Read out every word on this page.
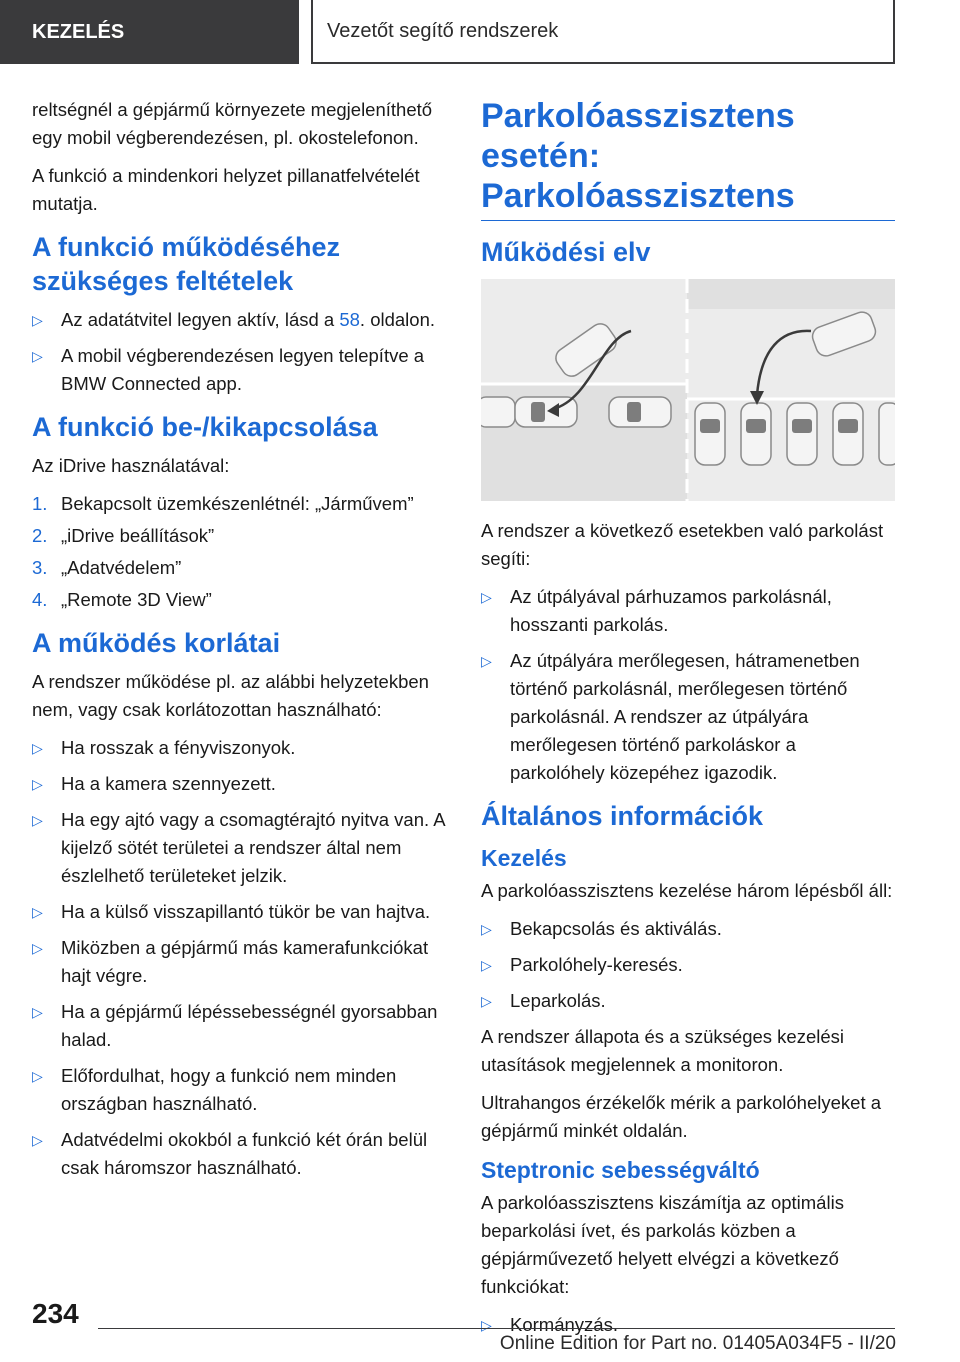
KEZELÉS	Vezetőt segítő rendszerek

reltségnél a gépjármű környezete megjeleníthető egy mobil végberendezésen, pl. okostelefonon.

A funkció a mindenkori helyzet pillanatfelvételét mutatja.

A funkció működéséhez szükséges feltételek
▷ Az adatátvitel legyen aktív, lásd a 58. oldalon.
▷ A mobil végberendezésen legyen telepítve a BMW Connected app.
A funkció be-/kikapcsolása

Az iDrive használatával:

1. Bekapcsolt üzemkészenlétnél: „Járművem”
2. „iDrive beállítások”
3. „Adatvédelem”
4. „Remote 3D View”
A működés korlátai

A rendszer működése pl. az alábbi helyzetekben nem, vagy csak korlátozottan használható:

▷ Ha rosszak a fényviszonyok.
▷ Ha a kamera szennyezett.
▷ Ha egy ajtó vagy a csomagtérajtó nyitva van. A kijelző sötét területei a rendszer által nem észlelhető területeket jelzik.
▷ Ha a külső visszapillantó tükör be van hajtva.
▷ Miközben a gépjármű más kamerafunkciókat hajt végre.
▷ Ha a gépjármű lépéssebességnél gyorsabban halad.
▷ Előfordulhat, hogy a funkció nem minden országban használható.
▷ Adatvédelmi okokból a funkció két órán belül csak háromszor használható.
Parkolóasszisztens esetén: Parkolóasszisztens
Működési elv

A rendszer a következő esetekben való parkolást segíti:

▷ Az útpályával párhuzamos parkolásnál, hosszanti parkolás.
▷ Az útpályára merőlegesen, hátramenetben történő parkolásnál, merőlegesen történő parkolásnál. A rendszer az útpályára merőlegesen történő parkoláskor a parkolóhely közepéhez igazodik.
Általános információk
Kezelés

A parkolóasszisztens kezelése három lépésből áll:

▷ Bekapcsolás és aktiválás.
▷ Parkolóhely-keresés.
▷ Leparkolás.

A rendszer állapota és a szükséges kezelési utasítások megjelennek a monitoron.

Ultrahangos érzékelők mérik a parkolóhelyeket a gépjármű minkét oldalán.

Steptronic sebességváltó

A parkolóasszisztens kiszámítja az optimális beparkolási ívet, és parkolás közben a gépjárművezető helyett elvégzi a következő funkciókat:

▷ Kormányzás.
234
Online Edition for Part no. 01405A034F5 - II/20
